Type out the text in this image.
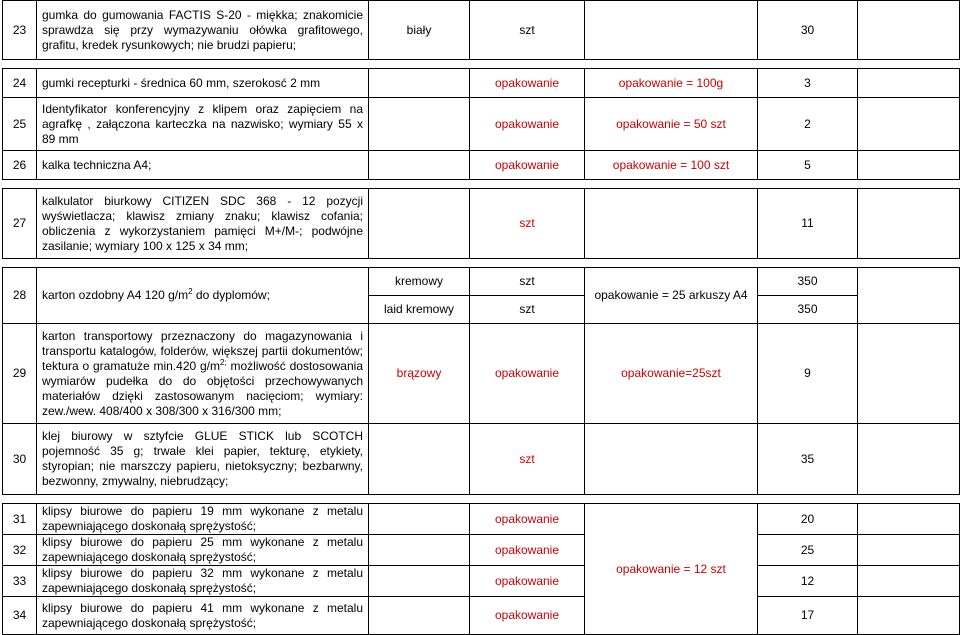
23	gumka do gumowania FACTIS S-20 - miękka; znakomicie sprawdza się przy wymazywaniu ołówka grafitowego, grafitu, kredek rysunkowych; nie brudzi papieru;	biały	szt		30	

24	gumki recepturki - średnica 60 mm, szerokosć 2 mm		opakowanie	opakowanie = 100g	3	
25	Identyfikator konferencyjny z klipem oraz zapięciem na agrafkę , załączona karteczka na nazwisko; wymiary 55 x 89 mm		opakowanie	opakowanie = 50 szt	2	
26	kalka techniczna A4;		opakowanie	opakowanie = 100 szt	5	

27	kalkulator biurkowy CITIZEN SDC 368 - 12 pozycji wyświetlacza; klawisz zmiany znaku; klawisz cofania; obliczenia z wykorzystaniem pamięci M+/M-; podwójne zasilanie; wymiary 100 x 125 x 34 mm;		szt		11	

28	karton ozdobny A4 120 $g/m^2$ do dyplomów;	kremowy	szt	opakowanie = 25 arkuszy A4	350	
		laid kremowy	szt		350	
29	karton transportowy przeznaczony do magazynowania i transportu katalogów, folderów, większej partii dokumentów; tektura o gramatuże min.420 $g/m^{2;}$ możliwość dostosowania wymiarów pudełka do do objętości przechowywanych materiałów dzięki zastosowanym nacięciom; wymiary: zew./wew. 408/400 x 308/300 x 316/300 mm;	brązowy	opakowanie	opakowanie=25szt	9	
30	klej biurowy w sztyfcie GLUE STICK lub SCOTCH pojemność 35 g; trwale klei papier, tekturę, etykiety, styropian; nie marszczy papieru, nietoksyczny; bezbarwny, bezwonny, zmywalny, niebrudzący;		szt		35	

31	klipsy biurowe do papieru 19 mm wykonane z metalu zapewniającego doskonałą sprężystość;		opakowanie	opakowanie = 12 szt	20	
32	klipsy biurowe do papieru 25 mm wykonane z metalu zapewniającego doskonałą sprężystość;		opakowanie		25	
33	klipsy biurowe do papieru 32 mm wykonane z metalu zapewniającego doskonałą sprężystość;		opakowanie		12	
34	klipsy biurowe do papieru 41 mm wykonane z metalu zapewniającego doskonałą sprężystość;		opakowanie		17	
